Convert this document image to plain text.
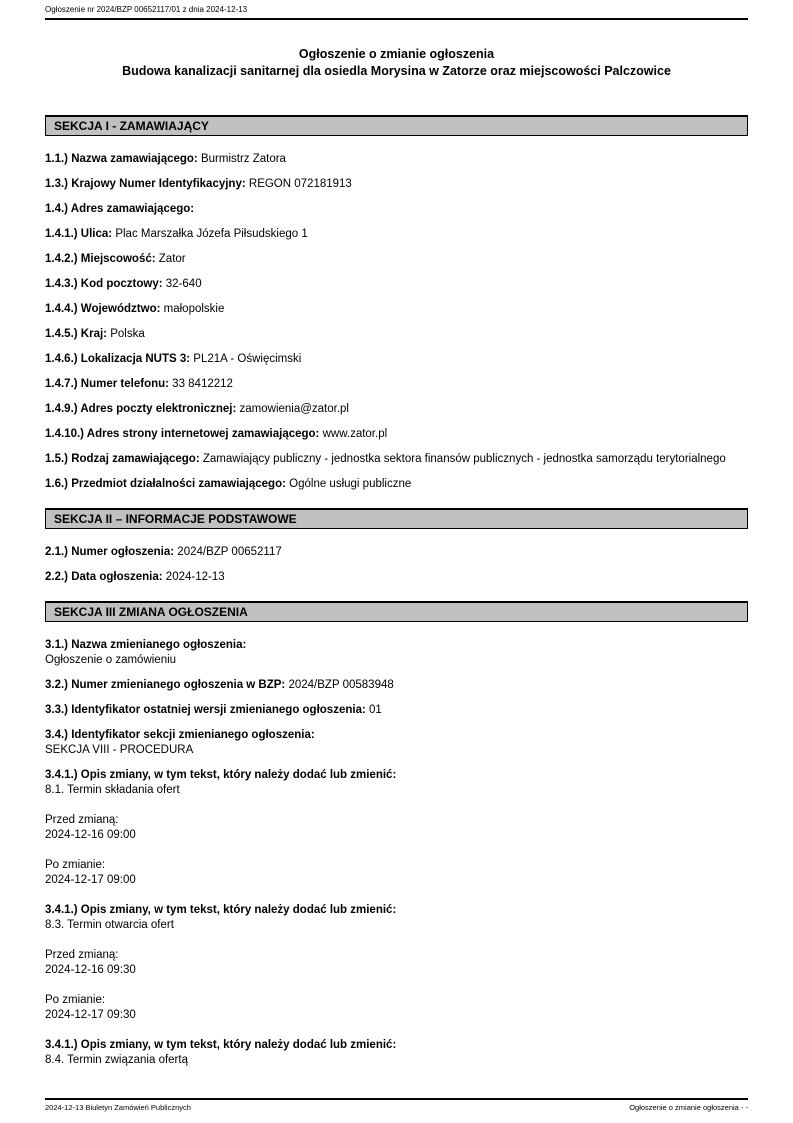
Ogłoszenie nr 2024/BZP 00652117/01 z dnia 2024-12-13
Ogłoszenie o zmianie ogłoszenia
Budowa kanalizacji sanitarnej dla osiedla Morysina w Zatorze oraz miejscowości Palczowice
SEKCJA I - ZAMAWIAJĄCY
1.1.) Nazwa zamawiającego: Burmistrz Zatora
1.3.) Krajowy Numer Identyfikacyjny: REGON 072181913
1.4.) Adres zamawiającego:
1.4.1.) Ulica: Plac Marszałka Józefa Piłsudskiego 1
1.4.2.) Miejscowość: Zator
1.4.3.) Kod pocztowy: 32-640
1.4.4.) Województwo: małopolskie
1.4.5.) Kraj: Polska
1.4.6.) Lokalizacja NUTS 3: PL21A - Oświęcimski
1.4.7.) Numer telefonu: 33 8412212
1.4.9.) Adres poczty elektronicznej: zamowienia@zator.pl
1.4.10.) Adres strony internetowej zamawiającego: www.zator.pl
1.5.) Rodzaj zamawiającego: Zamawiający publiczny - jednostka sektora finansów publicznych - jednostka samorządu terytorialnego
1.6.) Przedmiot działalności zamawiającego: Ogólne usługi publiczne
SEKCJA II – INFORMACJE PODSTAWOWE
2.1.) Numer ogłoszenia: 2024/BZP 00652117
2.2.) Data ogłoszenia: 2024-12-13
SEKCJA III ZMIANA OGŁOSZENIA
3.1.) Nazwa zmienianego ogłoszenia:
Ogłoszenie o zamówieniu
3.2.) Numer zmienianego ogłoszenia w BZP: 2024/BZP 00583948
3.3.) Identyfikator ostatniej wersji zmienianego ogłoszenia: 01
3.4.) Identyfikator sekcji zmienianego ogłoszenia:
SEKCJA VIII - PROCEDURA
3.4.1.) Opis zmiany, w tym tekst, który należy dodać lub zmienić:
8.1. Termin składania ofert
Przed zmianą:
2024-12-16 09:00
Po zmianie:
2024-12-17 09:00
3.4.1.) Opis zmiany, w tym tekst, który należy dodać lub zmienić:
8.3. Termin otwarcia ofert
Przed zmianą:
2024-12-16 09:30
Po zmianie:
2024-12-17 09:30
3.4.1.) Opis zmiany, w tym tekst, który należy dodać lub zmienić:
8.4. Termin związania ofertą
2024-12-13 Biuletyn Zamówień Publicznych	Ogłoszenie o zmianie ogłoszenia - -
